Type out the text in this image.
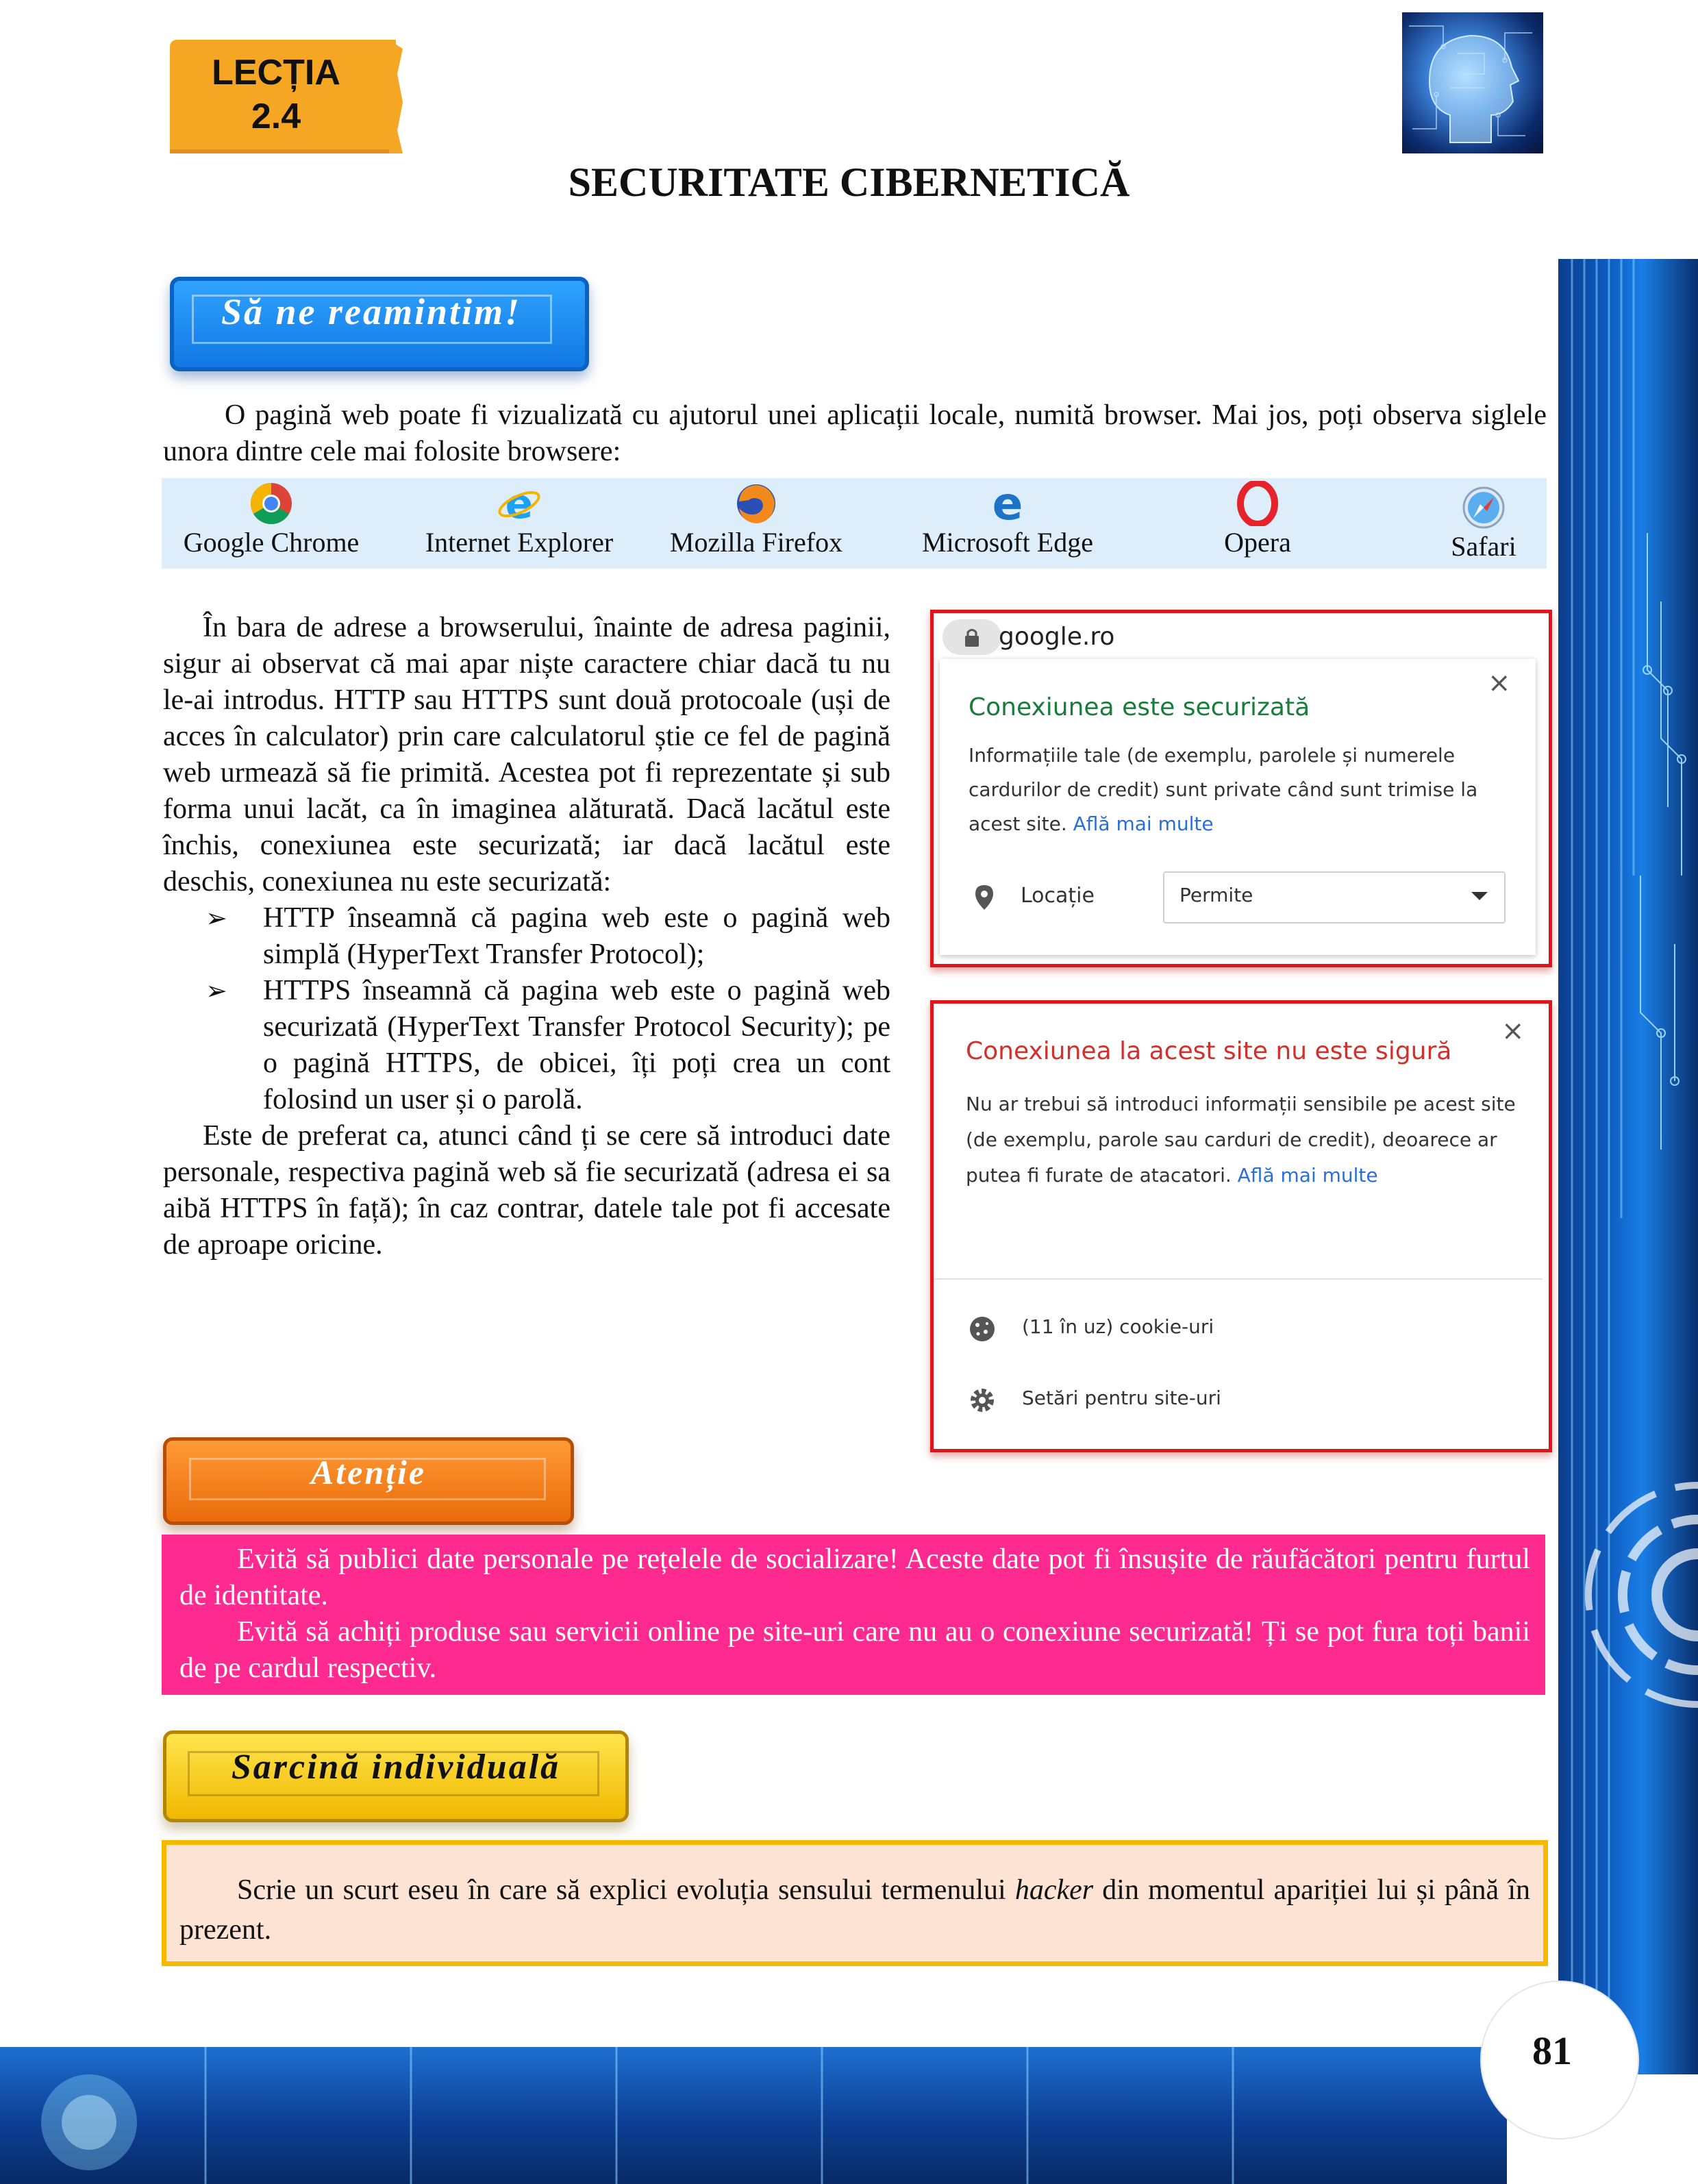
LECȚIA
2.4
SECURITATE CIBERNETICĂ
81
Să ne reamintim!
O pagină web poate fi vizualizată cu ajutorul unei aplicații locale, numită browser. Mai jos, poți observa siglele unora dintre cele mai folosite browsere:
Google Chrome
e
Internet Explorer	Mozilla Firefox
e
Microsoft Edge	Opera	Safari

În bara de adrese a browserului, înainte de adresa paginii, sigur ai observat că mai apar niște caractere chiar dacă tu nu le-ai introdus. HTTP sau HTTPS sunt două protocoale (uși de acces în calculator) prin care calculatorul știe ce fel de pagină web urmează să fie primită. Acestea pot fi reprezentate și sub forma unui lacăt, ca în imaginea alăturată. Dacă lacătul este închis, conexiunea este securizată; iar dacă lacătul este deschis, conexiunea nu este securizată:

➢ HTTP înseamnă că pagina web este o pagină web simplă (HyperText Transfer Protocol);
➢ HTTPS înseamnă că pagina web este o pagină web securizată (HyperText Transfer Protocol Security); pe o pagină HTTPS, de obicei, îți poți crea un cont folosind un user și o parolă.

Este de preferat ca, atunci când ți se cere să introduci date personale, respectiva pagină web să fie securizată (adresa ei sa aibă HTTPS în față); în caz contrar, datele tale pot fi accesate de aproape oricine.

google.ro
×
Conexiunea este securizată
Informațiile tale (de exemplu, parolele și numerele cardurilor de credit) sunt private când sunt trimise la acest site. Află mai multe
Locație	Permite
×
Conexiunea la acest site nu este sigură
Nu ar trebui să introduci informații sensibile pe acest site (de exemplu, parole sau carduri de credit), deoarece ar putea fi furate de atacatori. Află mai multe
(11 în uz) cookie-uri
Setări pentru site-uri
Atenție
Evită să publici date personale pe rețelele de socializare! Aceste date pot fi însușite de răufăcători pentru furtul de identitate.
Evită să achiți produse sau servicii online pe site-uri care nu au o conexiune securizată! Ți se pot fura toți banii de pe cardul respectiv.
Sarcină individuală
Scrie un scurt eseu în care să explici evoluția sensului termenului hacker din momentul apariției lui și până în prezent.
